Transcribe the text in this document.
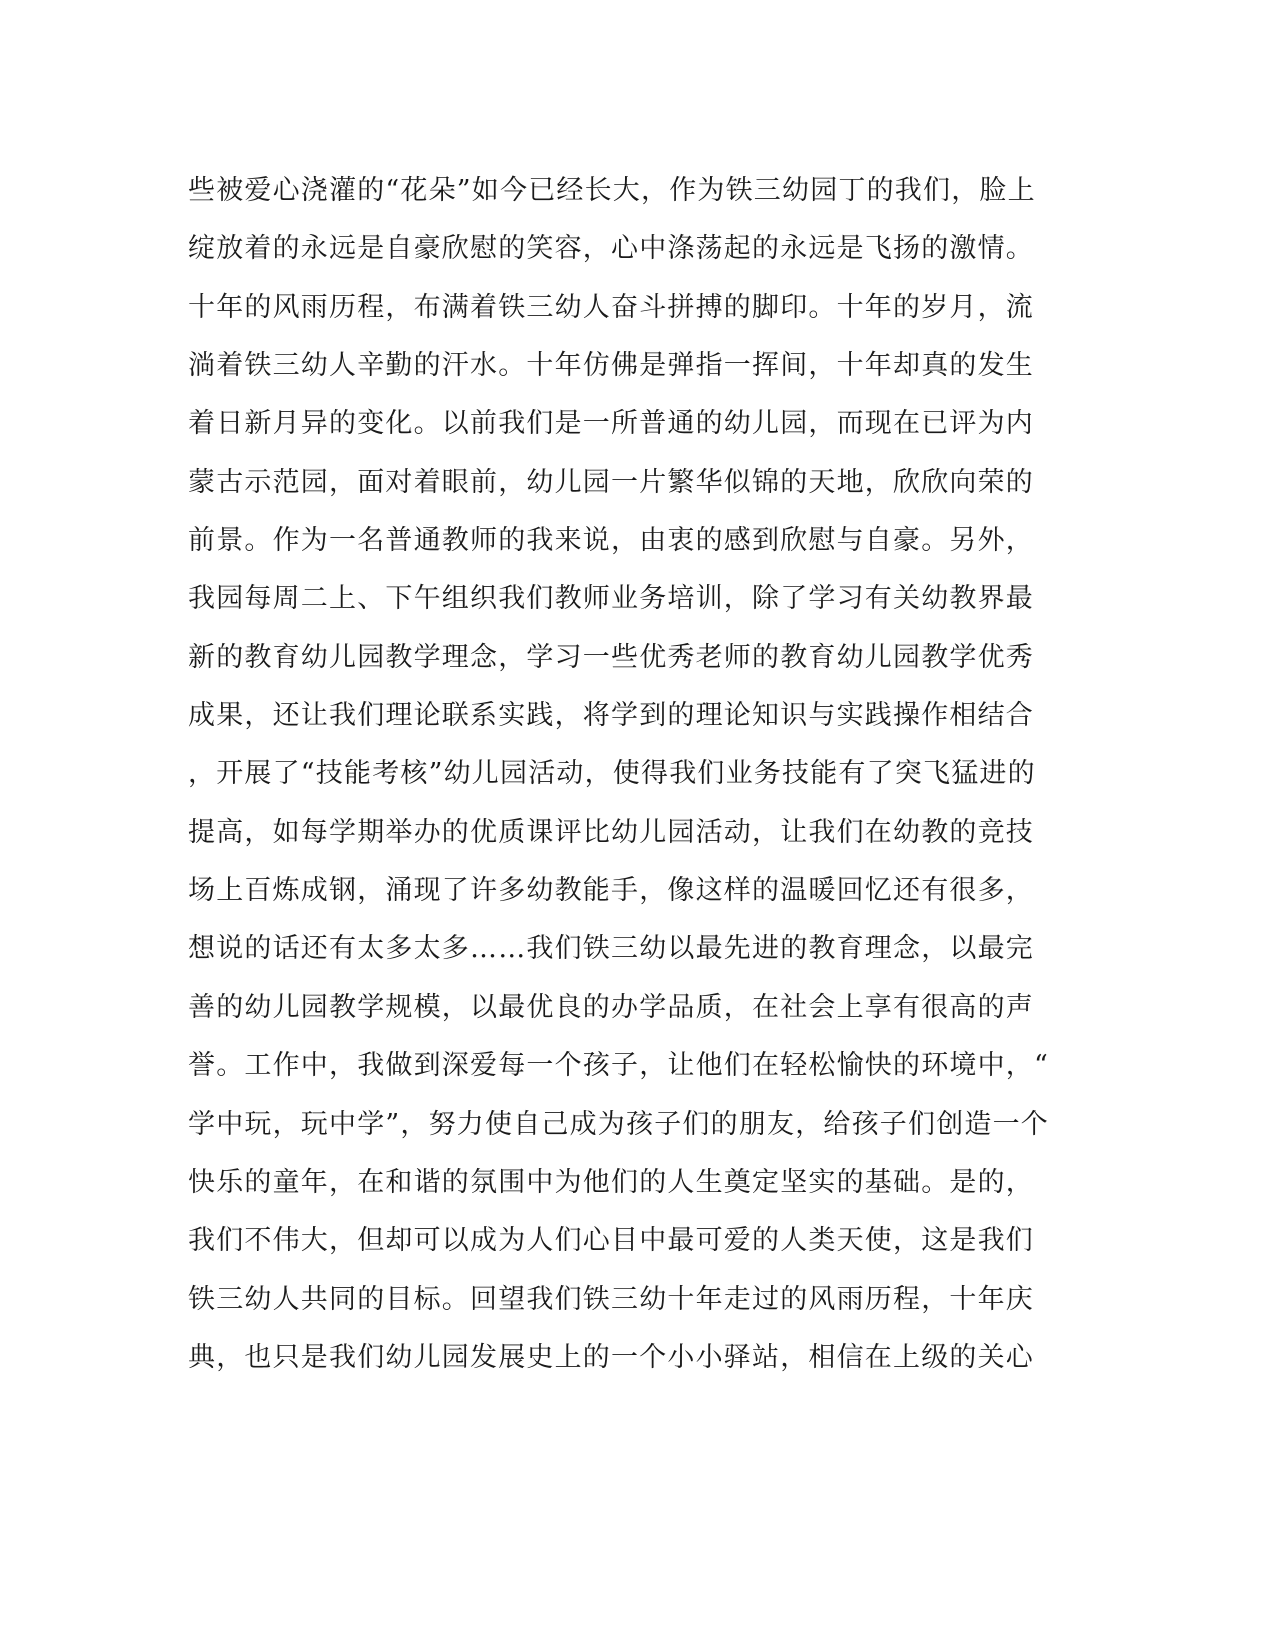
些被爱心浇灌的“花朵”如今已经长大，作为铁三幼园丁的我们，脸上
绽放着的永远是自豪欣慰的笑容，心中涤荡起的永远是飞扬的激情。
十年的风雨历程，布满着铁三幼人奋斗拼搏的脚印。十年的岁月，流
淌着铁三幼人辛勤的汗水。十年仿佛是弹指一挥间，十年却真的发生
着日新月异的变化。以前我们是一所普通的幼儿园，而现在已评为内
蒙古示范园，面对着眼前，幼儿园一片繁华似锦的天地，欣欣向荣的
前景。作为一名普通教师的我来说，由衷的感到欣慰与自豪。另外，
我园每周二上、下午组织我们教师业务培训，除了学习有关幼教界最
新的教育幼儿园教学理念，学习一些优秀老师的教育幼儿园教学优秀
成果，还让我们理论联系实践，将学到的理论知识与实践操作相结合
，开展了“技能考核”幼儿园活动，使得我们业务技能有了突飞猛进的
提高，如每学期举办的优质课评比幼儿园活动，让我们在幼教的竞技
场上百炼成钢，涌现了许多幼教能手，像这样的温暖回忆还有很多，
想说的话还有太多太多……我们铁三幼以最先进的教育理念，以最完
善的幼儿园教学规模，以最优良的办学品质，在社会上享有很高的声
誉。工作中，我做到深爱每一个孩子，让他们在轻松愉快的环境中，“
学中玩，玩中学”，努力使自己成为孩子们的朋友，给孩子们创造一个
快乐的童年，在和谐的氛围中为他们的人生奠定坚实的基础。是的，
我们不伟大，但却可以成为人们心目中最可爱的人类天使，这是我们
铁三幼人共同的目标。回望我们铁三幼十年走过的风雨历程，十年庆
典，也只是我们幼儿园发展史上的一个小小驿站，相信在上级的关心
